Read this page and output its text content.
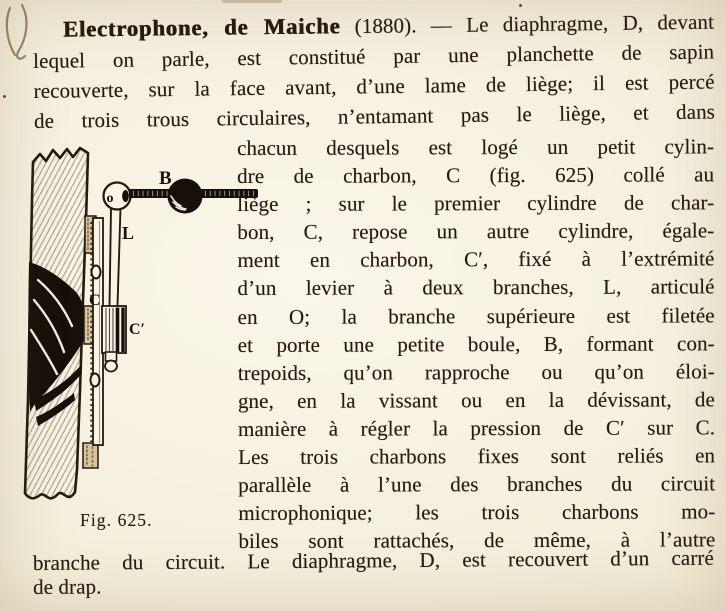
o
B
L
C
C′
Fig. 625.
Electrophone, de Maiche (1880). — Le diaphragme, D, devant
lequel on parle, est constitué par une planchette de sapin
recouverte, sur la face avant, d’une lame de liège; il est percé
de trois trous circulaires, n’entamant pas le liège, et dans
chacun desquels est logé un petit cylin-
dre de charbon, C (fig. 625) collé au
liège ; sur le premier cylindre de char-
bon, C, repose un autre cylindre, égale-
ment en charbon, C′, fixé à l’extrémité
d’un levier à deux branches, L, articulé
en O; la branche supérieure est filetée
et porte une petite boule, B, formant con-
trepoids, qu’on rapproche ou qu’on éloi-
gne, en la vissant ou en la dévissant, de
manière à régler la pression de C′ sur C.
Les trois charbons fixes sont reliés en
parallèle à l’une des branches du circuit
microphonique; les trois charbons mo-
biles sont rattachés, de même, à l’autre
branche du circuit. Le diaphragme, D, est recouvert d’un carré
de drap.
